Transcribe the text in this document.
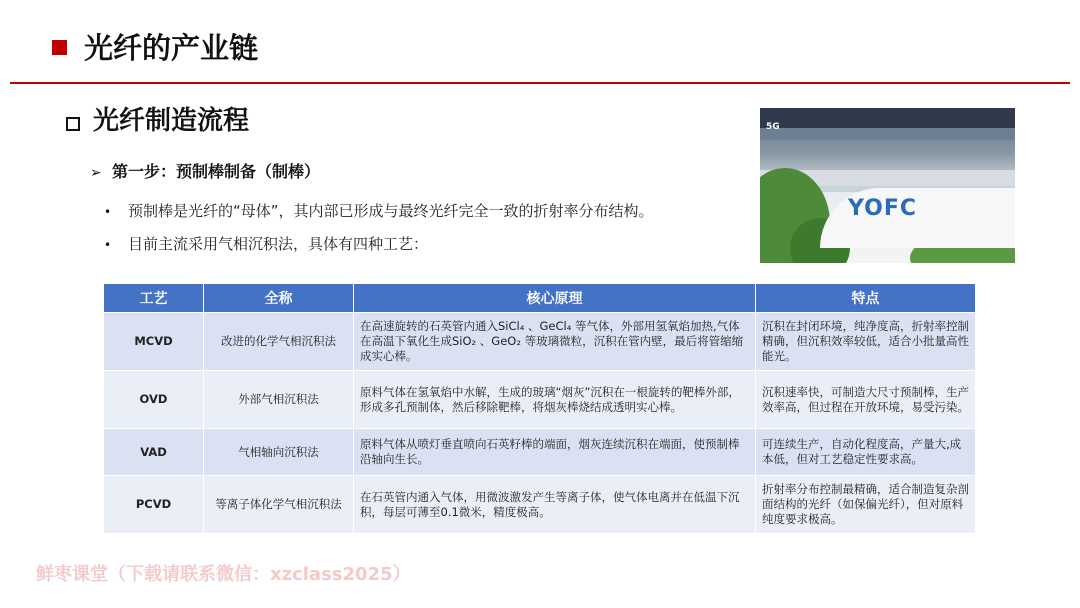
光纤的产业链
光纤制造流程
➢ 第一步：预制棒制备（制棒）
• 预制棒是光纤的“母体”，其内部已形成与最终光纤完全一致的折射率分布结构。
• 目前主流采用气相沉积法，具体有四种工艺：
5G
YOFC
工艺	全称	核心原理	特点
MCVD	改进的化学气相沉积法	在高速旋转的石英管内通入SiCl₄ 、GeCl₄ 等气体，外部用氢氧焰加热,气体在高温下氧化生成SiO₂ 、GeO₂ 等玻璃微粒，沉积在管内壁，最后将管缩缩成实心棒。	沉积在封闭环境，纯净度高，折射率控制精确，但沉积效率较低，适合小批量高性能光。
OVD	外部气相沉积法	原料气体在氢氧焰中水解，生成的玻璃“烟灰”沉积在一根旋转的靶棒外部，形成多孔预制体，然后移除靶棒，将烟灰棒烧结成透明实心棒。	沉积速率快，可制造大尺寸预制棒，生产效率高，但过程在开放环境，易受污染。
VAD	气相轴向沉积法	原料气体从喷灯垂直喷向石英籽棒的端面，烟灰连续沉积在端面，使预制棒沿轴向生长。	可连续生产，自动化程度高，产量大,成本低，但对工艺稳定性要求高。
PCVD	等离子体化学气相沉积法	在石英管内通入气体，用微波激发产生等离子体，使气体电离并在低温下沉积，每层可薄至0.1微米，精度极高。	折射率分布控制最精确，适合制造复杂剖面结构的光纤（如保偏光纤），但对原料纯度要求极高。
鲜枣课堂（下载请联系微信：xzclass2025）
